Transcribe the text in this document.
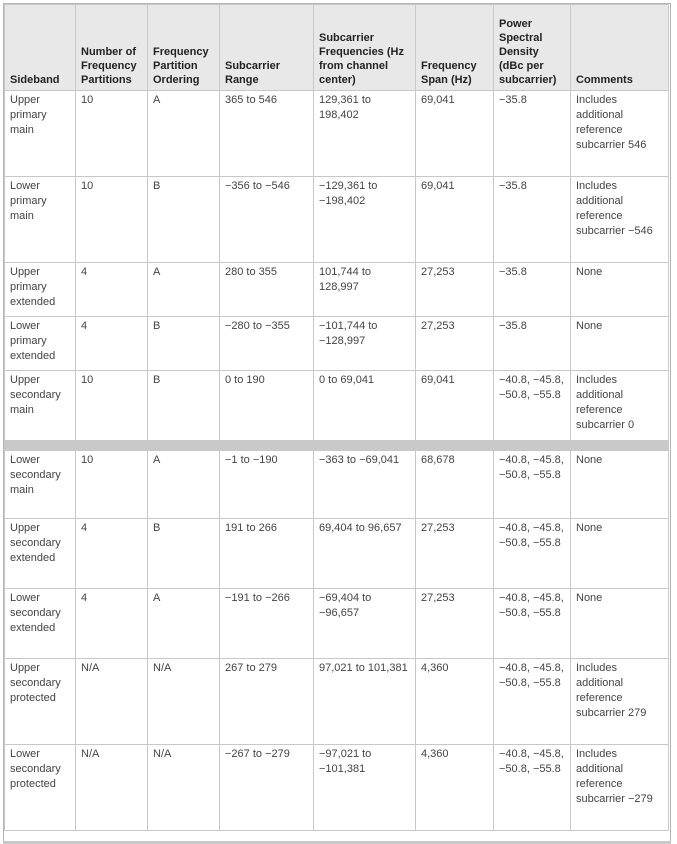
Sideband	Number of Frequency Partitions	Frequency Partition Ordering	Subcarrier Range	Subcarrier Frequencies (Hz from channel center)	Frequency Span (Hz)	Power Spectral Density (dBc per subcarrier)	Comments
Upper primary main	10	A	365 to 546	129,361 to 198,402	69,041	−35.8	Includes additional reference subcarrier 546
Lower primary main	10	B	−356 to −546	−129,361 to −198,402	69,041	−35.8	Includes additional reference subcarrier −546
Upper primary extended	4	A	280 to 355	101,744 to 128,997	27,253	−35.8	None
Lower primary extended	4	B	−280 to −355	−101,744 to −128,997	27,253	−35.8	None
Upper secondary main	10	B	0 to 190	0 to 69,041	69,041	−40.8, −45.8, −50.8, −55.8	Includes additional reference subcarrier 0

Lower secondary main	10	A	−1 to −190	−363 to −69,041	68,678	−40.8, −45.8, −50.8, −55.8	None
Upper secondary extended	4	B	191 to 266	69,404 to 96,657	27,253	−40.8, −45.8, −50.8, −55.8	None
Lower secondary extended	4	A	−191 to −266	−69,404 to −96,657	27,253	−40.8, −45.8, −50.8, −55.8	None
Upper secondary protected	N/A	N/A	267 to 279	97,021 to 101,381	4,360	−40.8, −45.8, −50.8, −55.8	Includes additional reference subcarrier 279
Lower secondary protected	N/A	N/A	−267 to −279	−97,021 to −101,381	4,360	−40.8, −45.8, −50.8, −55.8	Includes additional reference subcarrier −279
